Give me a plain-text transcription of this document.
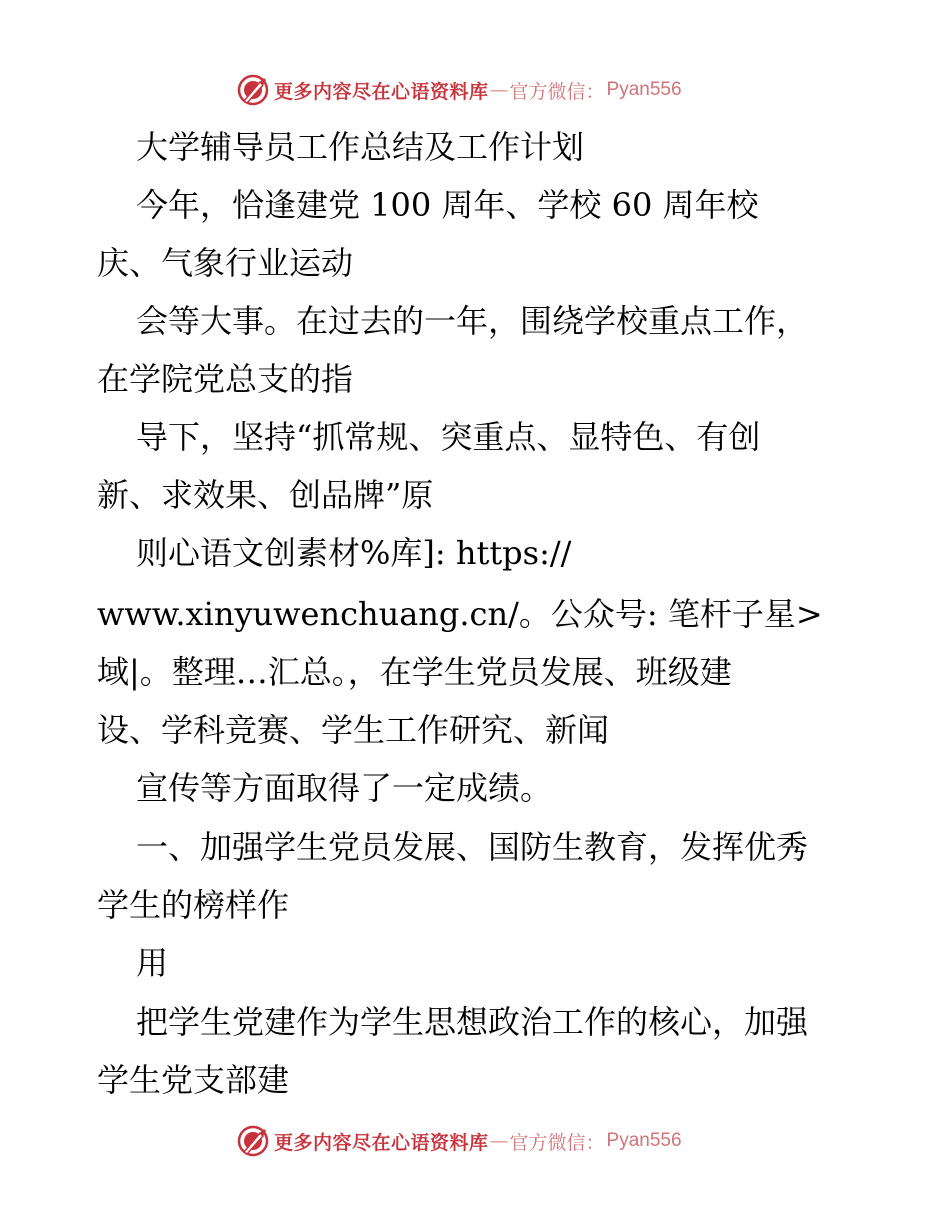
更多内容尽在心语资料库 — 官方微信： Pyan556
大学辅导员工作总结及工作计划
今年，恰逢建党 100 周年、学校 60 周年校
庆、气象行业运动
会等大事。在过去的一年，围绕学校重点工作，
在学院党总支的指
导下，坚持“抓常规、突重点、显特色、有创
新、求效果、创品牌”原
则心语文创素材%库]: https://
www.xinyuwenchuang.cn/。公众号: 笔杆子星>
域|。整理…汇总。，在学生党员发展、班级建
设、学科竞赛、学生工作研究、新闻
宣传等方面取得了一定成绩。
一、加强学生党员发展、国防生教育，发挥优秀
学生的榜样作
用
把学生党建作为学生思想政治工作的核心，加强
学生党支部建
更多内容尽在心语资料库 — 官方微信： Pyan556
